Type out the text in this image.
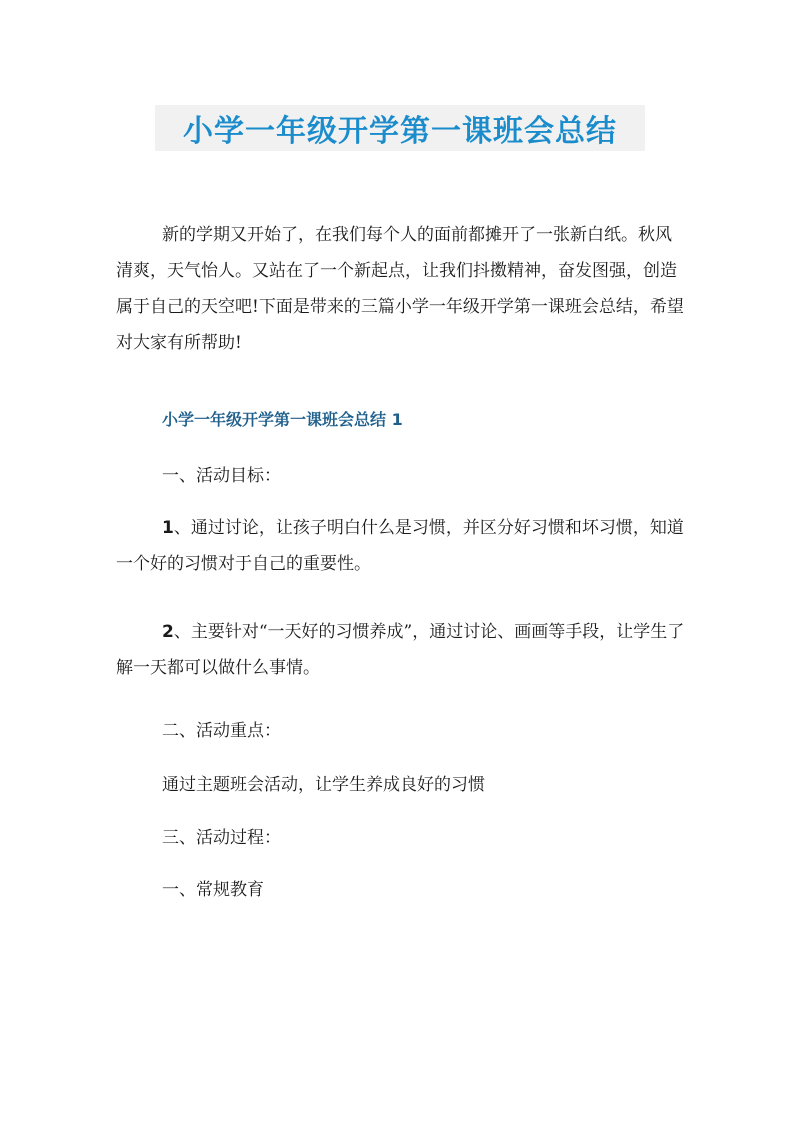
小学一年级开学第一课班会总结

新的学期又开始了，在我们每个人的面前都摊开了一张新白纸。秋风清爽，天气怡人。又站在了一个新起点，让我们抖擞精神，奋发图强，创造属于自己的天空吧!下面是带来的三篇小学一年级开学第一课班会总结，希望对大家有所帮助!

小学一年级开学第一课班会总结 1

一、活动目标：

1、通过讨论，让孩子明白什么是习惯，并区分好习惯和坏习惯，知道一个好的习惯对于自己的重要性。

2、主要针对“一天好的习惯养成”，通过讨论、画画等手段，让学生了解一天都可以做什么事情。

二、活动重点：

通过主题班会活动，让学生养成良好的习惯

三、活动过程：

一、常规教育
